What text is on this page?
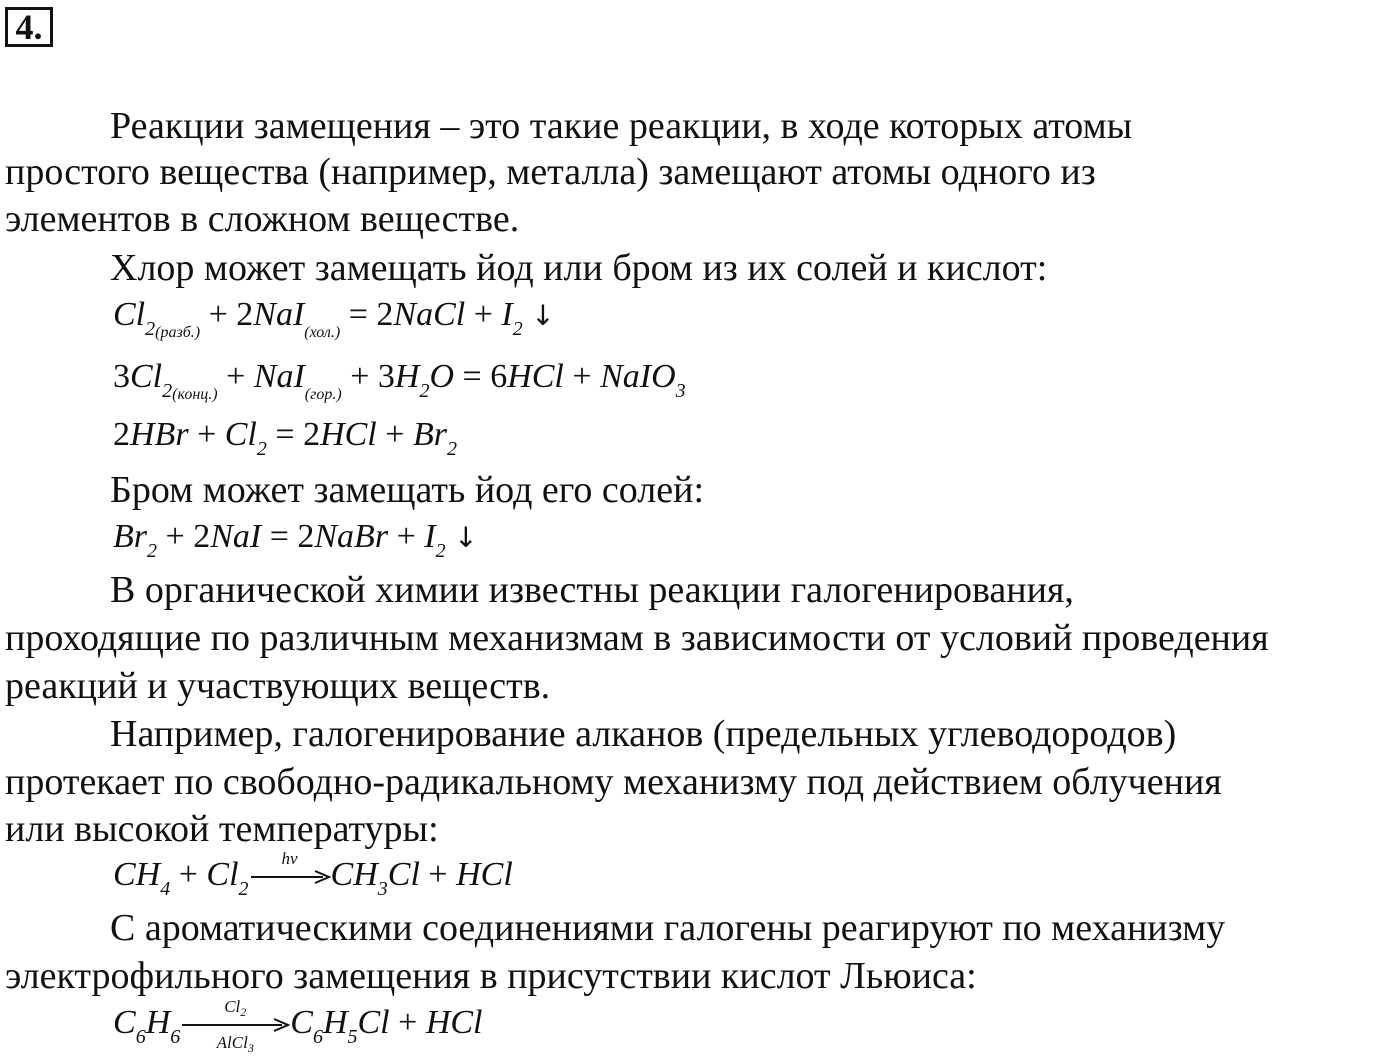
4.
Реакции замещения – это такие реакции, в ходе которых атомы
простого вещества (например, металла) замещают атомы одного из
элементов в сложном веществе.
Хлор может замещать йод или бром из их солей и кислот:
$Cl_{2(разб.)} + 2NaI_{(хол.)}$ = 2NaCl + $I_2$ ↓
$3Cl_{2(конц.)} + NaI_{(гор.)} + 3H_2O = 6HCl$ + NaIO$_3$
$2HBr + Cl_2 = 2HCl + Br_2$
Бром может замещать йод его солей:
$Br_2 + 2NaI$ = 2NaBr + $I_2$ ↓
В органической химии известны реакции галогенирования,
проходящие по различным механизмам в зависимости от условий проведения
реакций и участвующих веществ.
Например, галогенирование алканов (предельных углеводородов)
протекает по свободно-радикальному механизму под действием облучения
или высокой температуры:
$CH_4 + Cl_2$
hν $CH_3Cl$ + HCl
С ароматическими соединениями галогены реагируют по механизму
электрофильного замещения в присутствии кислот Льюиса:
$C_6H_6$
$Cl_2$
AlCl$_3$
$C_6H_5Cl$ + HCl
